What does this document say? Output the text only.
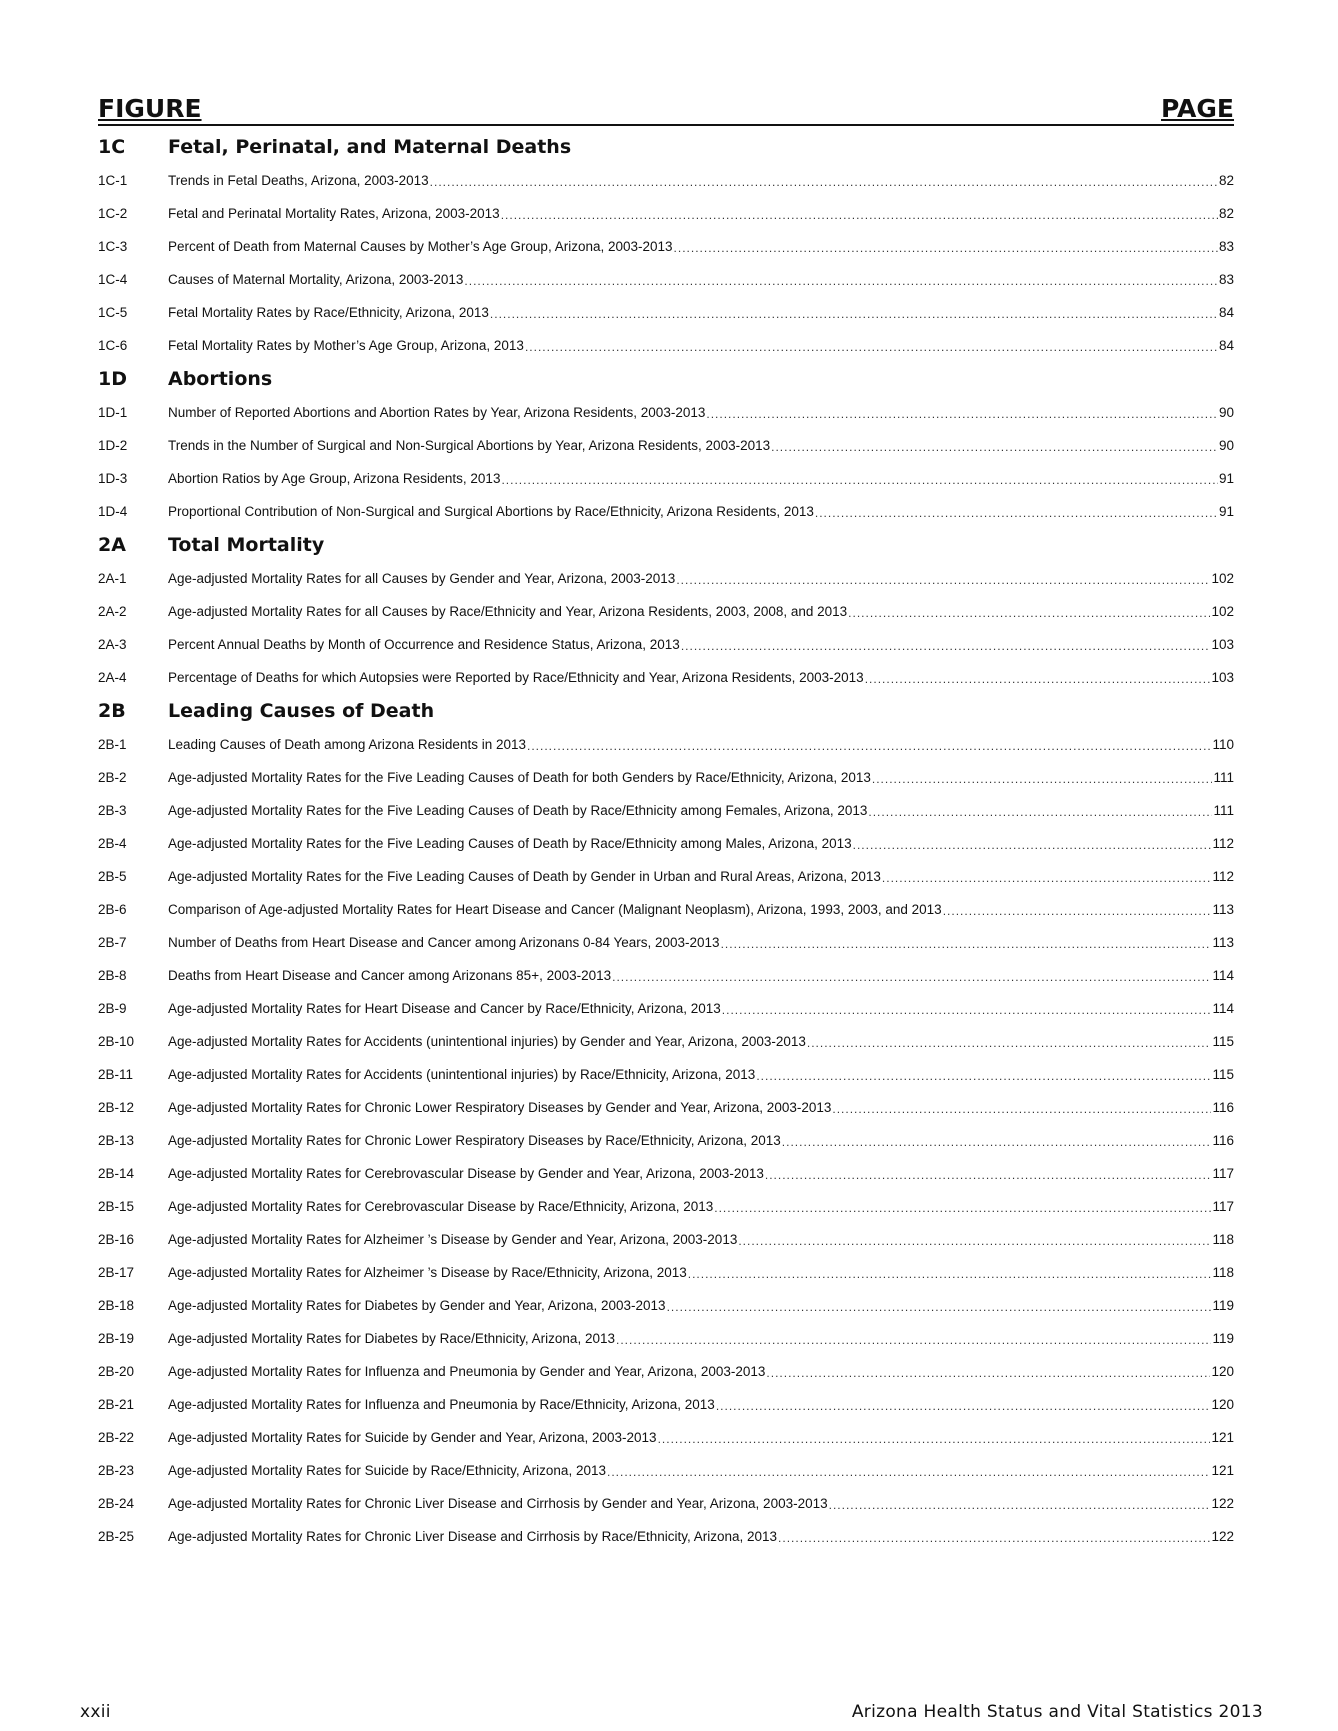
FIGURE	PAGE
1C Fetal, Perinatal, and Maternal Deaths
1C-1	Trends in Fetal Deaths, Arizona, 2003-2013 .....	82
1C-2	Fetal and Perinatal Mortality Rates, Arizona, 2003-2013 .....	82
1C-3	Percent of Death from Maternal Causes by Mother’s Age Group, Arizona, 2003-2013 .....	83
1C-4	Causes of Maternal Mortality, Arizona, 2003-2013 .....	83
1C-5	Fetal Mortality Rates by Race/Ethnicity, Arizona, 2013 .....	84
1C-6	Fetal Mortality Rates by Mother’s Age Group, Arizona, 2013 .....	84
1D Abortions
1D-1	Number of Reported Abortions and Abortion Rates by Year, Arizona Residents, 2003-2013 .....	90
1D-2	Trends in the Number of Surgical and Non-Surgical Abortions by Year, Arizona Residents, 2003-2013 .....	90
1D-3	Abortion Ratios by Age Group, Arizona Residents, 2013 .....	91
1D-4	Proportional Contribution of Non-Surgical and Surgical Abortions by Race/Ethnicity, Arizona Residents, 2013 .....	91
2A Total Mortality
2A-1	Age-adjusted Mortality Rates for all Causes by Gender and Year, Arizona, 2003-2013 .....	102
2A-2	Age-adjusted Mortality Rates for all Causes by Race/Ethnicity and Year, Arizona Residents, 2003, 2008, and 2013 .....	102
2A-3	Percent Annual Deaths by Month of Occurrence and Residence Status, Arizona, 2013 .....	103
2A-4	Percentage of Deaths for which Autopsies were Reported by Race/Ethnicity and Year, Arizona Residents, 2003-2013 .....	103
2B Leading Causes of Death
2B-1	Leading Causes of Death among Arizona Residents in 2013 .....	110
2B-2	Age-adjusted Mortality Rates for the Five Leading Causes of Death for both Genders by Race/Ethnicity, Arizona, 2013 .....	111
2B-3	Age-adjusted Mortality Rates for the Five Leading Causes of Death by Race/Ethnicity among Females, Arizona, 2013 .....	111
2B-4	Age-adjusted Mortality Rates for the Five Leading Causes of Death by Race/Ethnicity among Males, Arizona, 2013 .....	112
2B-5	Age-adjusted Mortality Rates for the Five Leading Causes of Death by Gender in Urban and Rural Areas, Arizona, 2013 .....	112
2B-6	Comparison of Age-adjusted Mortality Rates for Heart Disease and Cancer (Malignant Neoplasm), Arizona, 1993, 2003, and 2013 .....	113
2B-7	Number of Deaths from Heart Disease and Cancer among Arizonans 0-84 Years, 2003-2013 .....	113
2B-8	Deaths from Heart Disease and Cancer among Arizonans 85+, 2003-2013 .....	114
2B-9	Age-adjusted Mortality Rates for Heart Disease and Cancer by Race/Ethnicity, Arizona, 2013 .....	114
2B-10	Age-adjusted Mortality Rates for Accidents (unintentional injuries) by Gender and Year, Arizona, 2003-2013 .....	115
2B-11	Age-adjusted Mortality Rates for Accidents (unintentional injuries) by Race/Ethnicity, Arizona, 2013 .....	115
2B-12	Age-adjusted Mortality Rates for Chronic Lower Respiratory Diseases by Gender and Year, Arizona, 2003-2013 .....	116
2B-13	Age-adjusted Mortality Rates for Chronic Lower Respiratory Diseases by Race/Ethnicity, Arizona, 2013 .....	116
2B-14	Age-adjusted Mortality Rates for Cerebrovascular Disease by Gender and Year, Arizona, 2003-2013 .....	117
2B-15	Age-adjusted Mortality Rates for Cerebrovascular Disease by Race/Ethnicity, Arizona, 2013 .....	117
2B-16	Age-adjusted Mortality Rates for Alzheimer ’s Disease by Gender and Year, Arizona, 2003-2013 .....	118
2B-17	Age-adjusted Mortality Rates for Alzheimer ’s Disease by Race/Ethnicity, Arizona, 2013 .....	118
2B-18	Age-adjusted Mortality Rates for Diabetes by Gender and Year, Arizona, 2003-2013 .....	119
2B-19	Age-adjusted Mortality Rates for Diabetes by Race/Ethnicity, Arizona, 2013 .....	119
2B-20	Age-adjusted Mortality Rates for Influenza and Pneumonia by Gender and Year, Arizona, 2003-2013 .....	120
2B-21	Age-adjusted Mortality Rates for Influenza and Pneumonia by Race/Ethnicity, Arizona, 2013 .....	120
2B-22	Age-adjusted Mortality Rates for Suicide by Gender and Year, Arizona, 2003-2013 .....	121
2B-23	Age-adjusted Mortality Rates for Suicide by Race/Ethnicity, Arizona, 2013 .....	121
2B-24	Age-adjusted Mortality Rates for Chronic Liver Disease and Cirrhosis by Gender and Year, Arizona, 2003-2013 .....	122
2B-25	Age-adjusted Mortality Rates for Chronic Liver Disease and Cirrhosis by Race/Ethnicity, Arizona, 2013 .....	122
xxii	Arizona Health Status and Vital Statistics 2013
